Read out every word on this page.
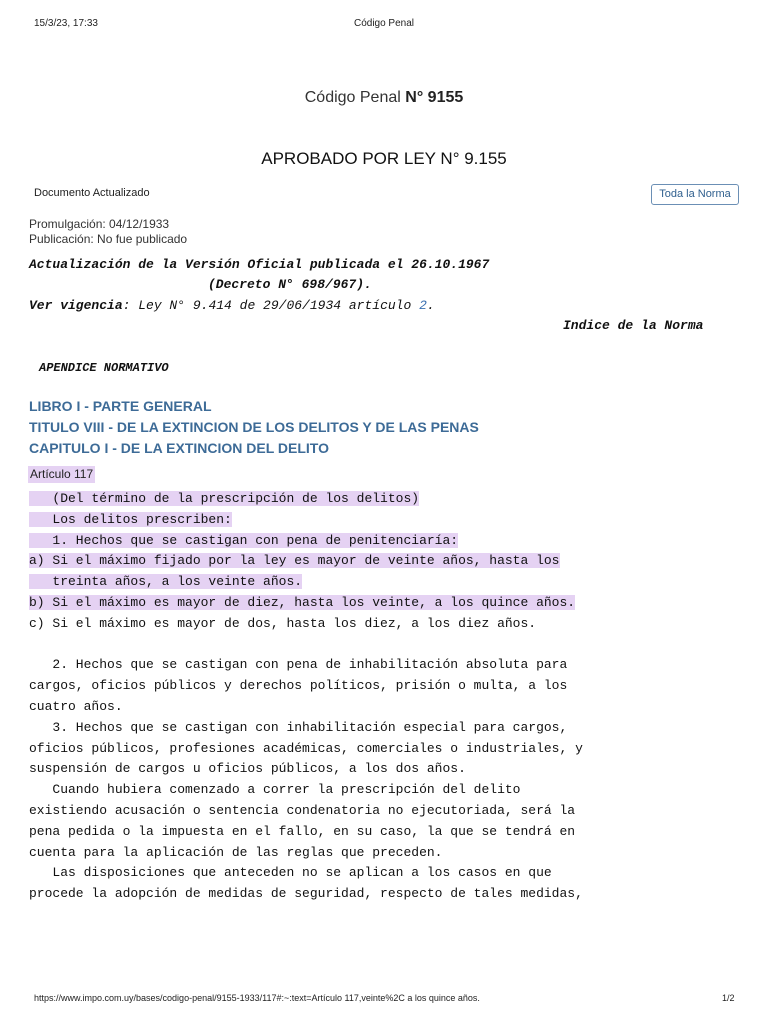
15/3/23, 17:33	Código Penal
Código Penal N° 9155
APROBADO POR LEY N° 9.155
Documento Actualizado	Toda la Norma
Promulgación: 04/12/1933
Publicación: No fue publicado
Actualización de la Versión Oficial publicada el 26.10.1967
(Decreto N° 698/967).
Ver vigencia: Ley N° 9.414 de 29/06/1934 artículo 2.
Indice de la Norma
APENDICE NORMATIVO
LIBRO I - PARTE GENERAL
TITULO VIII - DE LA EXTINCION DE LOS DELITOS Y DE LAS PENAS
CAPITULO I - DE LA EXTINCION DEL DELITO
Artículo 117
(Del término de la prescripción de los delitos)
Los delitos prescriben:
1. Hechos que se castigan con pena de penitenciaría:
a) Si el máximo fijado por la ley es mayor de veinte años, hasta los
treinta años, a los veinte años.
b) Si el máximo es mayor de diez, hasta los veinte, a los quince años.
c) Si el máximo es mayor de dos, hasta los diez, a los diez años.
2. Hechos que se castigan con pena de inhabilitación absoluta para
cargos, oficios públicos y derechos políticos, prisión o multa, a los
cuatro años.
3. Hechos que se castigan con inhabilitación especial para cargos,
oficios públicos, profesiones académicas, comerciales o industriales, y
suspensión de cargos u oficios públicos, a los dos años.
Cuando hubiera comenzado a correr la prescripción del delito
existiendo acusación o sentencia condenatoria no ejecutoriada, será la
pena pedida o la impuesta en el fallo, en su caso, la que se tendrá en
cuenta para la aplicación de las reglas que preceden.
Las disposiciones que anteceden no se aplican a los casos en que
procede la adopción de medidas de seguridad, respecto de tales medidas,
https://www.impo.com.uy/bases/codigo-penal/9155-1933/117#:~:text=Artículo 117,veinte%2C a los quince años.	1/2
